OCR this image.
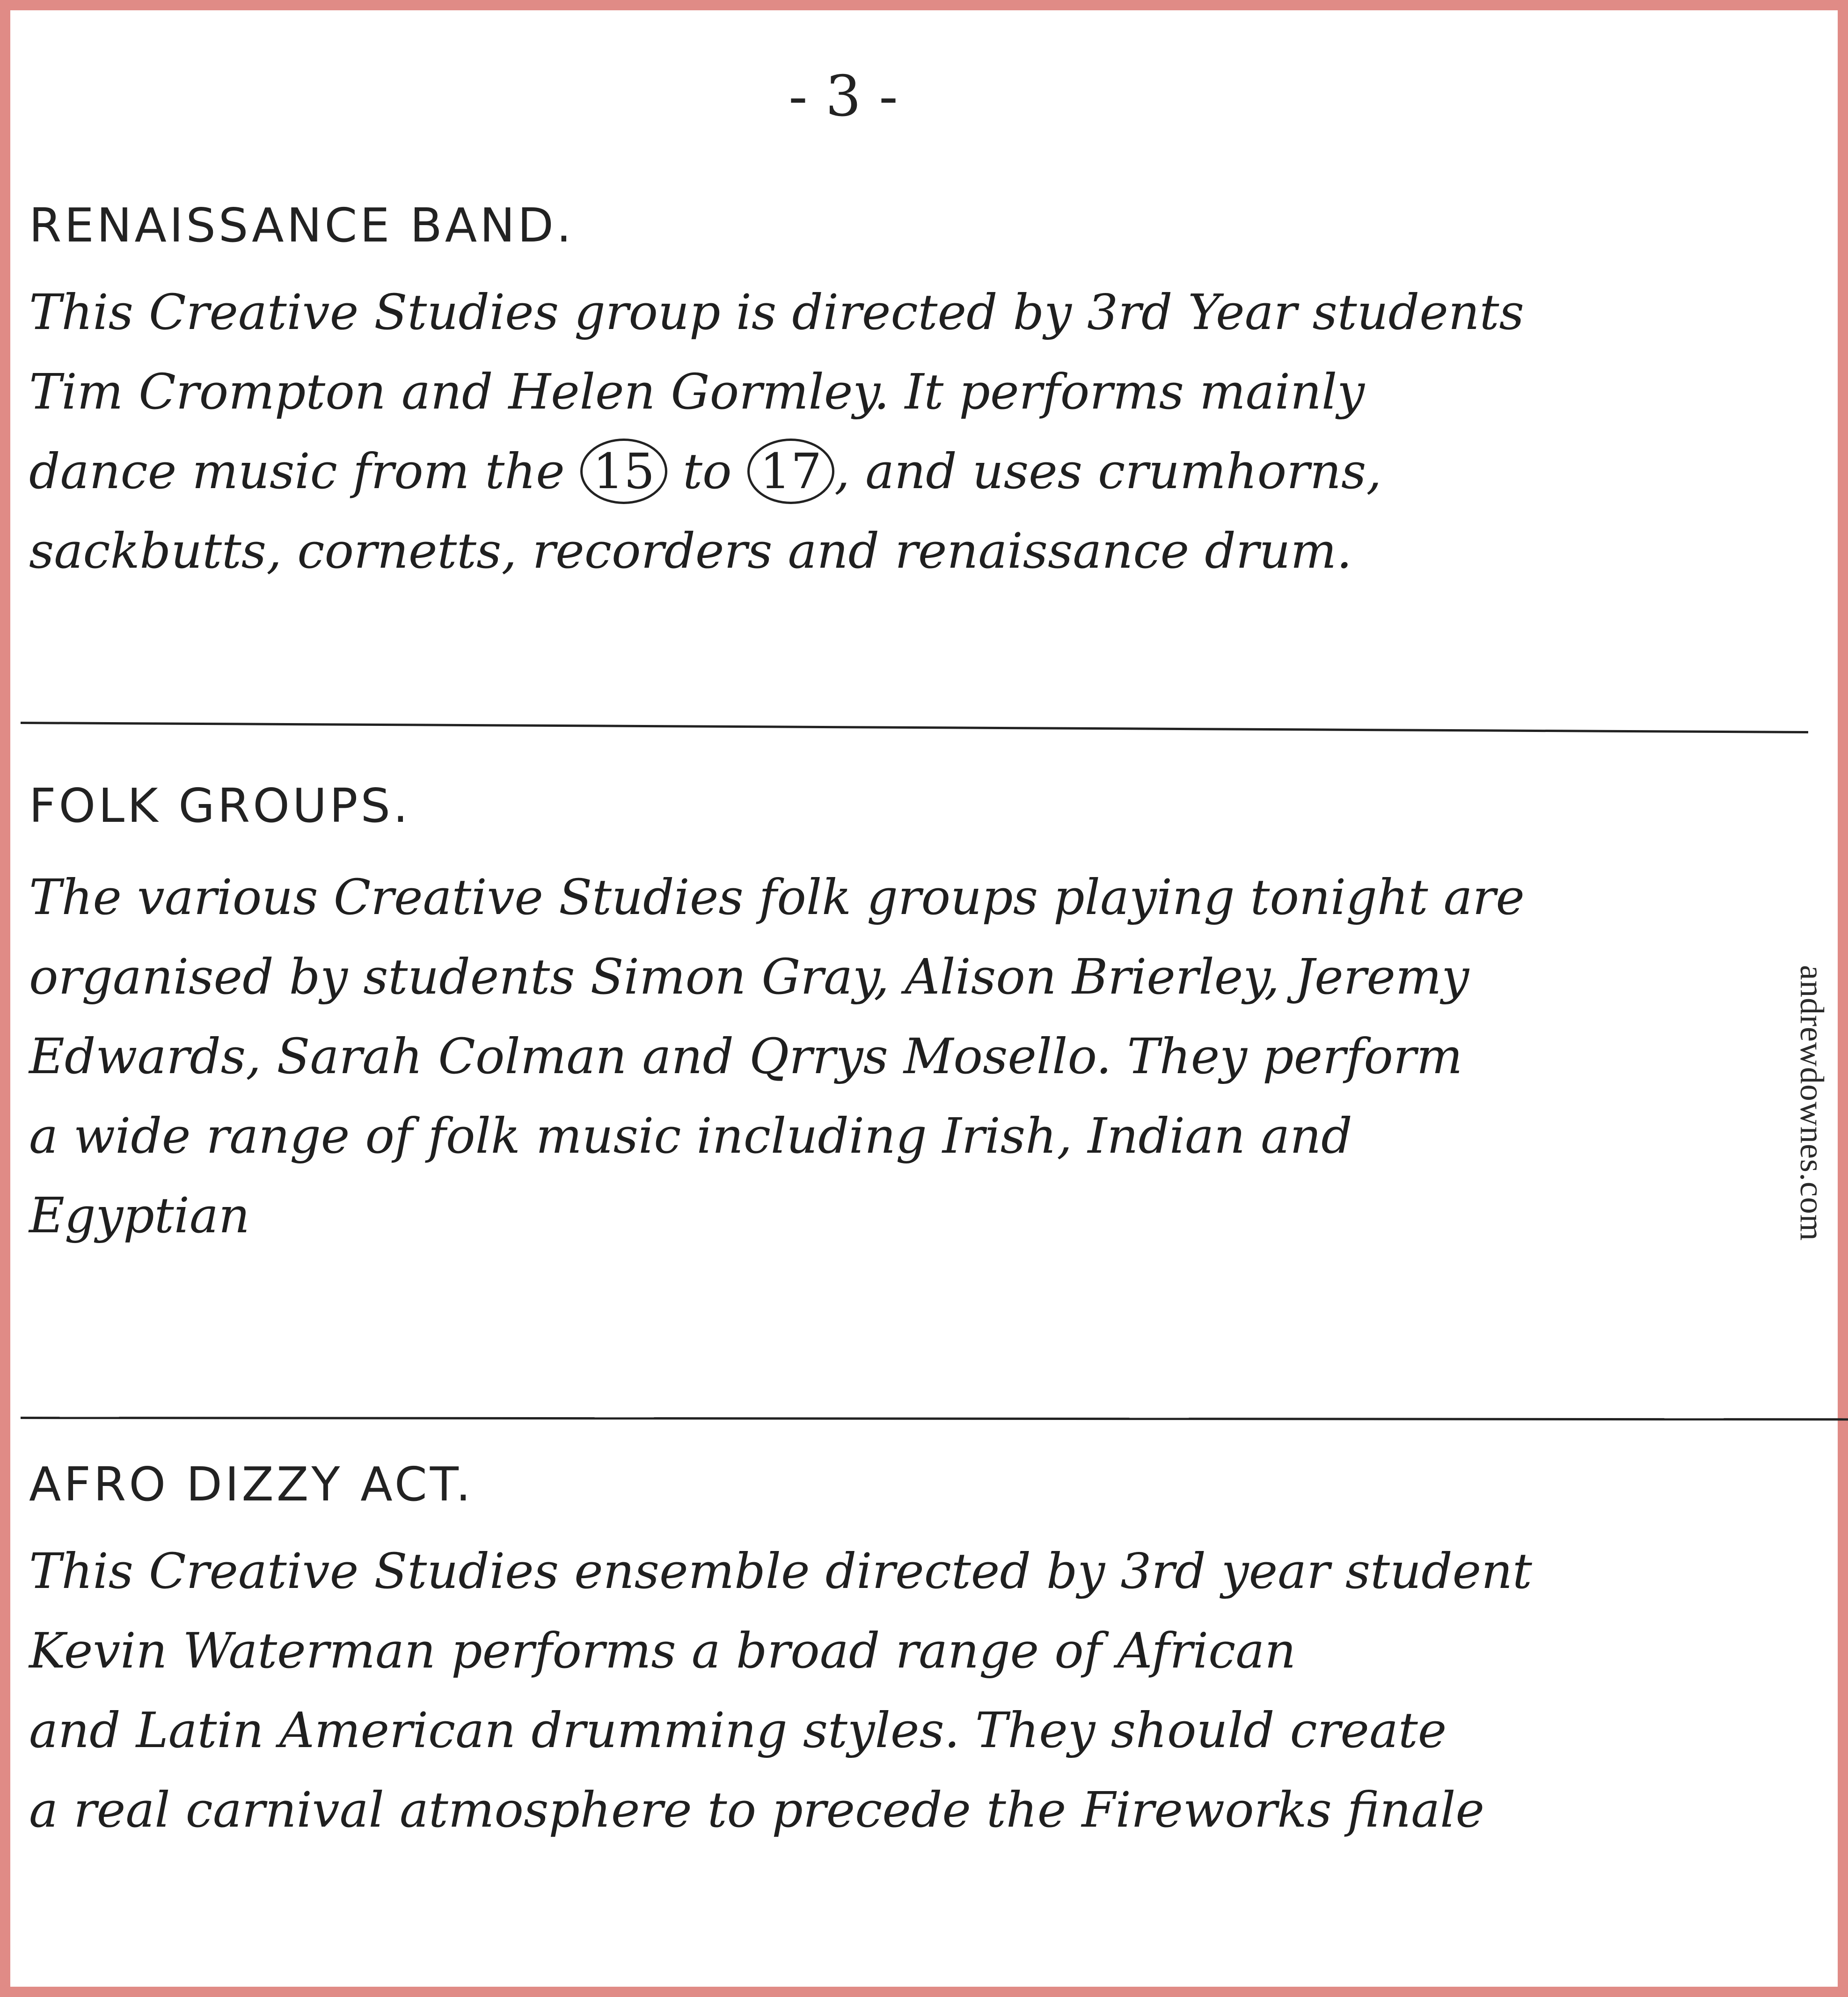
- 3 -
RENAISSANCE BAND.

This Creative Studies group is directed by 3rd Year students

Tim Crompton and Helen Gormley. It performs mainly

dance music from the 15 to 17 , and uses crumhorns,

sackbutts, cornetts, recorders and renaissance drum.

FOLK GROUPS.

The various Creative Studies folk groups playing tonight are

organised by students Simon Gray, Alison Brierley, Jeremy

Edwards, Sarah Colman and Qrrys Mosello. They perform

a wide range of folk music including Irish, Indian and

Egyptian

AFRO DIZZY ACT.

This Creative Studies ensemble directed by 3rd year student

Kevin Waterman performs a broad range of African

and Latin American drumming styles. They should create

a real carnival atmosphere to precede the Fireworks finale

andrewdownes.com
